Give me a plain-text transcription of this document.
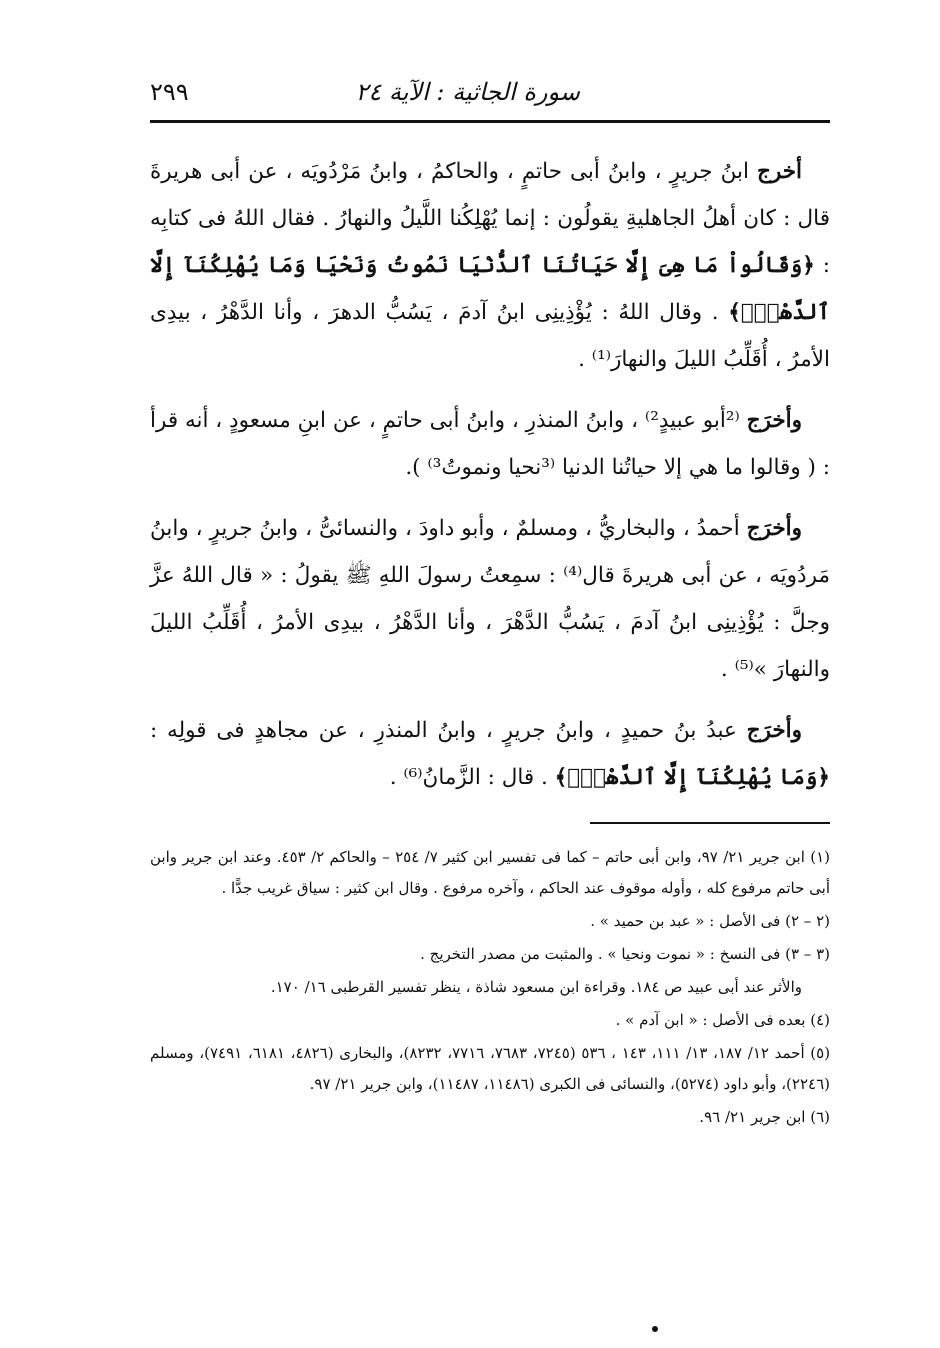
سورة الجاثية : الآية ٢٤
٢٩٩

أخرج ابنُ جريرٍ ، وابنُ أبى حاتمٍ ، والحاكمُ ، وابنُ مَرْدُويَه ، عن أبى هريرةَ قال : كان أهلُ الجاهليةِ يقولُون : إنما يُهْلِكُنا اللَّيلُ والنهارُ . فقال اللهُ فى كتابِه : ﴿وَقَالُواْ مَا هِىَ إِلَّا حَيَاتُنَا ٱلدُّنْيَا نَمُوتُ وَنَحْيَا وَمَا يُهْلِكُنَآ إِلَّا ٱلدَّهْرُۚ﴾ . وقال اللهُ : يُؤْذِينِى ابنُ آدمَ ، يَسُبُّ الدهرَ ، وأنا الدَّهْرُ ، بيدِى الأمرُ ، أُقَلِّبُ الليلَ والنهارَ⁽¹⁾ .

وأخرَج ⁽²أبو عبيدٍ²⁾ ، وابنُ المنذرِ ، وابنُ أبى حاتمٍ ، عن ابنِ مسعودٍ ، أنه قرأ : ( وقالوا ما هي إلا حياتُنا الدنيا ⁽³نحيا ونموتُ³⁾ ).

وأخرَج أحمدُ ، والبخاريُّ ، ومسلمٌ ، وأبو داودَ ، والنسائىُّ ، وابنُ جريرٍ ، وابنُ مَردُويَه ، عن أبى هريرةَ قال⁽⁴⁾ : سمِعتُ رسولَ اللهِ ﷺ يقولُ : « قال اللهُ عزَّ وجلَّ : يُؤْذِينِى ابنُ آدمَ ، يَسُبُّ الدَّهْرَ ، وأنا الدَّهْرُ ، بيدِى الأمرُ ، أُقَلِّبُ الليلَ والنهارَ »⁽⁵⁾ .

وأخرَج عبدُ بنُ حميدٍ ، وابنُ جريرٍ ، وابنُ المنذرِ ، عن مجاهدٍ فى قولِه : ﴿وَمَا يُهْلِكُنَآ إِلَّا ٱلدَّهْرُۚ﴾ . قال : الزَّمانُ⁽⁶⁾ .

(١) ابن جرير ٢١/ ٩٧، وابن أبى حاتم – كما فى تفسير ابن كثير ٧/ ٢٥٤ – والحاكم ٢/ ٤٥٣. وعند ابن جرير وابن أبى حاتم مرفوع كله ، وأوله موقوف عند الحاكم ، وآخره مرفوع . وقال ابن كثير : سياق غريب جدًّا .

(٢ – ٢) فى الأصل : « عبد بن حميد » .

(٣ – ٣) فى النسخ : « نموت ونحيا » . والمثبت من مصدر التخريج .

والأثر عند أبى عبيد ص ١٨٤. وقراءة ابن مسعود شاذة ، ينظر تفسير القرطبى ١٦/ ١٧٠.

(٤) بعده فى الأصل : « ابن آدم » .

(٥) أحمد ١٢/ ١٨٧، ١٣/ ١١١، ١٤٣ ، ٥٣٦ (٧٢٤٥، ٧٦٨٣، ٧٧١٦، ٨٢٣٢)، والبخارى (٤٨٢٦، ٦١٨١، ٧٤٩١)، ومسلم (٢٢٤٦)، وأبو داود (٥٢٧٤)، والنسائى فى الكبرى (١١٤٨٦، ١١٤٨٧)، وابن جرير ٢١/ ٩٧.

(٦) ابن جرير ٢١/ ٩٦.
